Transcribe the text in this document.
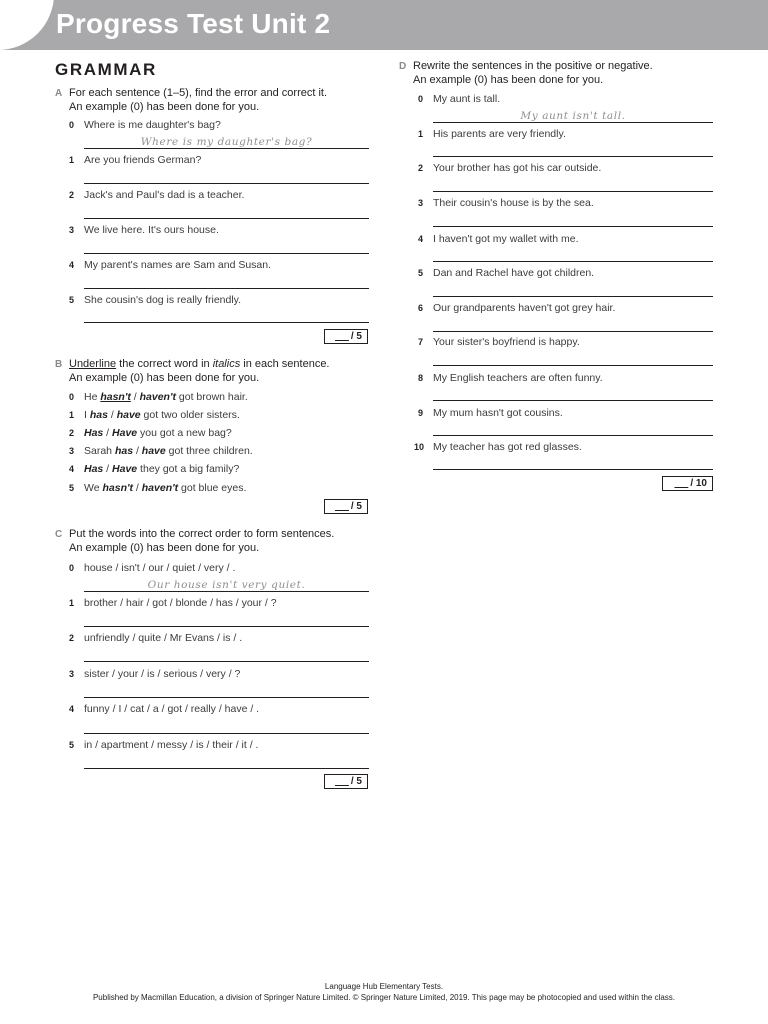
Progress Test Unit 2
GRAMMAR
A For each sentence (1–5), find the error and correct it.
An example (0) has been done for you.
0 Where is me daughter's bag?
Where is my daughter's bag?
1 Are you friends German?
2 Jack's and Paul's dad is a teacher.
3 We live here. It's ours house.
4 My parent's names are Sam and Susan.
5 She cousin's dog is really friendly.
/ 5
B Underline the correct word in italics in each sentence.
An example (0) has been done for you.
0 He hasn't / haven't got brown hair.
1 I has / have got two older sisters.
2 Has / Have you got a new bag?
3 Sarah has / have got three children.
4 Has / Have they got a big family?
5 We hasn't / haven't got blue eyes.
/ 5
C Put the words into the correct order to form sentences.
An example (0) has been done for you.
0 house / isn't / our / quiet / very / .
Our house isn't very quiet.
1 brother / hair / got / blonde / has / your / ?
2 unfriendly / quite / Mr Evans / is / .
3 sister / your / is / serious / very / ?
4 funny / I / cat / a / got / really / have / .
5 in / apartment / messy / is / their / it / .
/ 5
D Rewrite the sentences in the positive or negative.
An example (0) has been done for you.
0 My aunt is tall.
My aunt isn't tall.
1 His parents are very friendly.
2 Your brother has got his car outside.
3 Their cousin's house is by the sea.
4 I haven't got my wallet with me.
5 Dan and Rachel have got children.
6 Our grandparents haven't got grey hair.
7 Your sister's boyfriend is happy.
8 My English teachers are often funny.
9 My mum hasn't got cousins.
10 My teacher has got red glasses.
/ 10
Language Hub Elementary Tests.
Published by Macmillan Education, a division of Springer Nature Limited. © Springer Nature Limited, 2019. This page may be photocopied and used within the class.
